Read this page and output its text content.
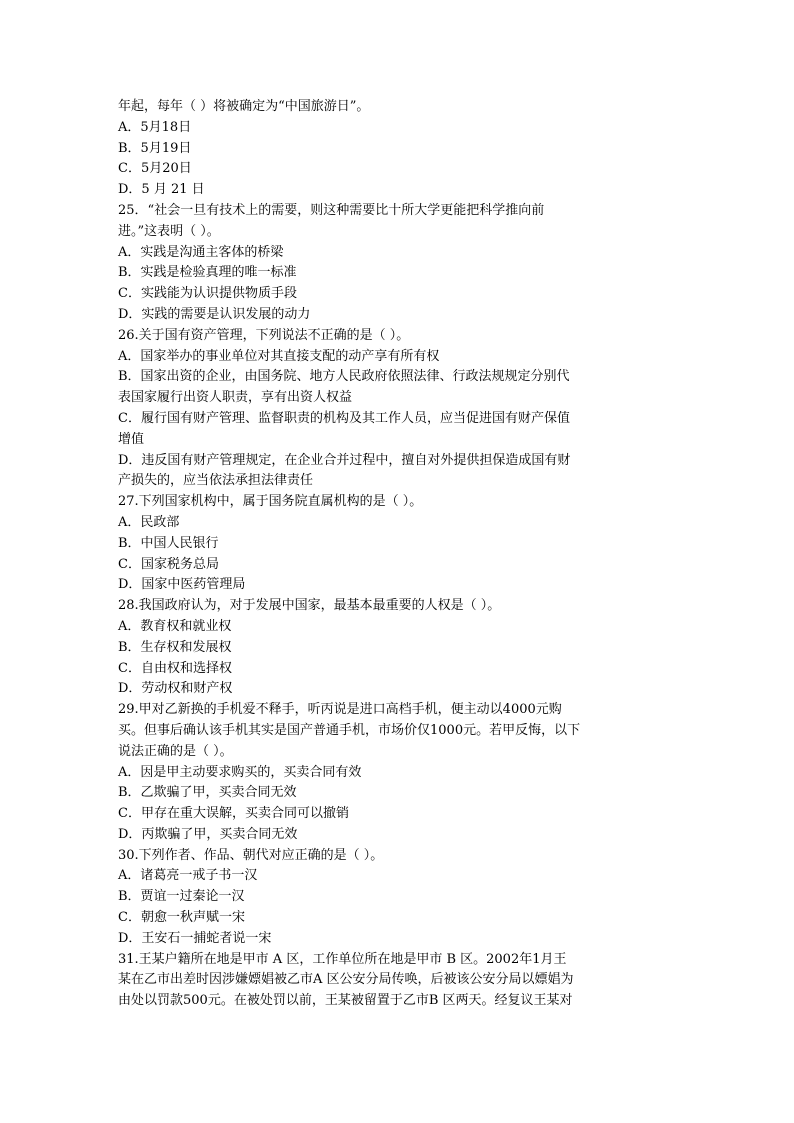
年起，每年（ ）将被确定为“中国旅游日”。
A．5月18日
B．5月19日
C．5月20日
D．5 月 21 日
25．“社会一旦有技术上的需要，则这种需要比十所大学更能把科学推向前
进。”这表明（ ）。
A．实践是沟通主客体的桥梁
B．实践是检验真理的唯一标准
C．实践能为认识提供物质手段
D．实践的需要是认识发展的动力
26.关于国有资产管理，下列说法不正确的是（ ）。
A．国家举办的事业单位对其直接支配的动产享有所有权
B．国家出资的企业，由国务院、地方人民政府依照法律、行政法规规定分别代
表国家履行出资人职责，享有出资人权益
C．履行国有财产管理、监督职责的机构及其工作人员，应当促进国有财产保值
增值
D．违反国有财产管理规定，在企业合并过程中，擅自对外提供担保造成国有财
产损失的，应当依法承担法律责任
27.下列国家机构中，属于国务院直属机构的是（ ）。
A．民政部
B．中国人民银行
C．国家税务总局
D．国家中医药管理局
28.我国政府认为，对于发展中国家，最基本最重要的人权是（ ）。
A．教育权和就业权
B．生存权和发展权
C．自由权和选择权
D．劳动权和财产权
29.甲对乙新换的手机爱不释手，听丙说是进口高档手机，便主动以4000元购
买。但事后确认该手机其实是国产普通手机，市场价仅1000元。若甲反悔，以下
说法正确的是（ ）。
A．因是甲主动要求购买的，买卖合同有效
B．乙欺骗了甲，买卖合同无效
C．甲存在重大误解，买卖合同可以撤销
D．丙欺骗了甲，买卖合同无效
30.下列作者、作品、朝代对应正确的是（ ）。
A．诸葛亮一戒子书一汉
B．贾谊一过秦论一汉
C．朝愈一秋声赋一宋
D．王安石一捕蛇者说一宋
31.王某户籍所在地是甲市 A 区，工作单位所在地是甲市 B 区。2002年1月王
某在乙市出差时因涉嫌嫖娼被乙市A 区公安分局传唤，后被该公安分局以嫖娼为
由处以罚款500元。在被处罚以前，王某被留置于乙市B 区两天。经复议王某对
